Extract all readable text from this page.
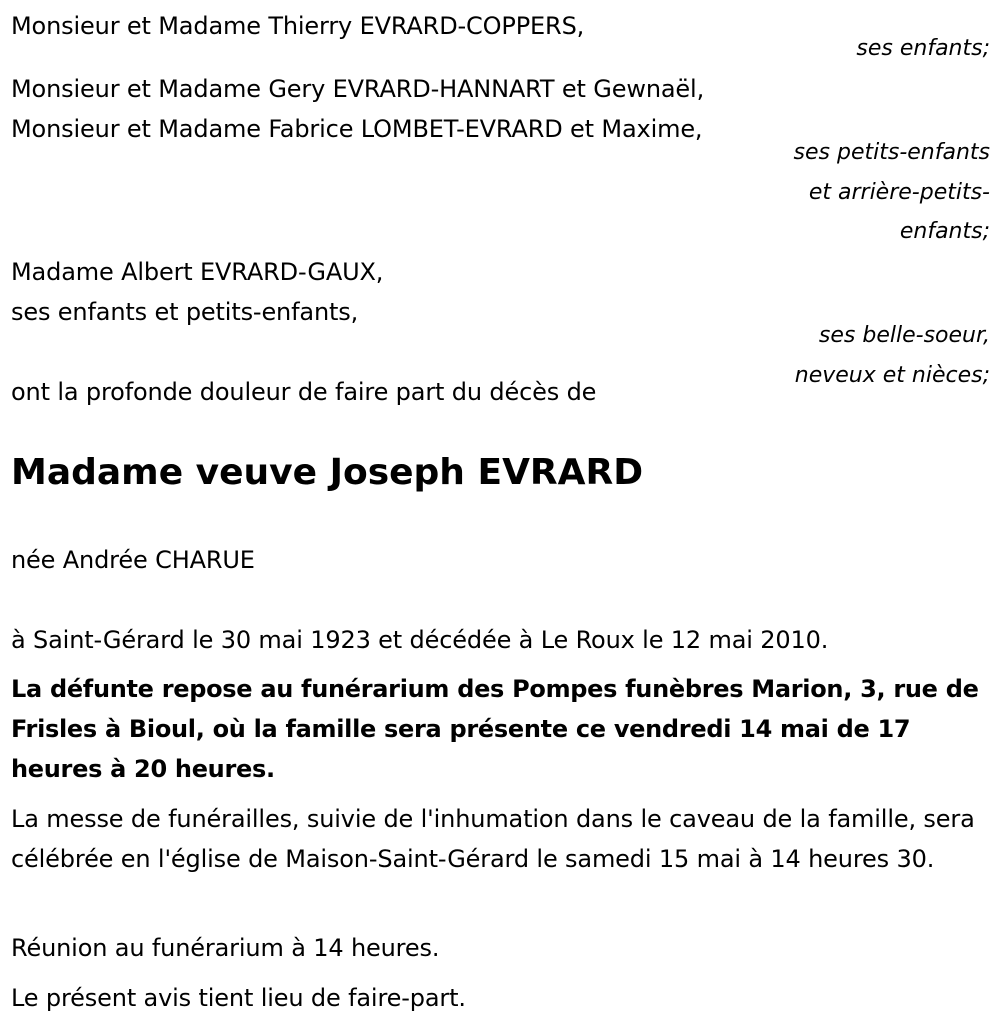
Monsieur et Madame Thierry EVRARD-COPPERS,
ses enfants;
Monsieur et Madame Gery EVRARD-HANNART et Gewnaël,
Monsieur et Madame Fabrice LOMBET-EVRARD et Maxime,
ses petits-enfants
et arrière-petits-
enfants;
Madame Albert EVRARD-GAUX,
ses enfants et petits-enfants,
ses belle-soeur,
neveux et nièces;
ont la profonde douleur de faire part du décès de
Madame veuve Joseph EVRARD
née Andrée CHARUE
à Saint-Gérard le 30 mai 1923 et décédée à Le Roux le 12 mai 2010.
La défunte repose au funérarium des Pompes funèbres Marion, 3, rue de Frisles à Bioul, où la famille sera présente ce vendredi 14 mai de 17 heures à 20 heures.
La messe de funérailles, suivie de l'inhumation dans le caveau de la famille, sera célébrée en l'église de Maison-Saint-Gérard le samedi 15 mai à 14 heures 30.
Réunion au funérarium à 14 heures.
Le présent avis tient lieu de faire-part.
